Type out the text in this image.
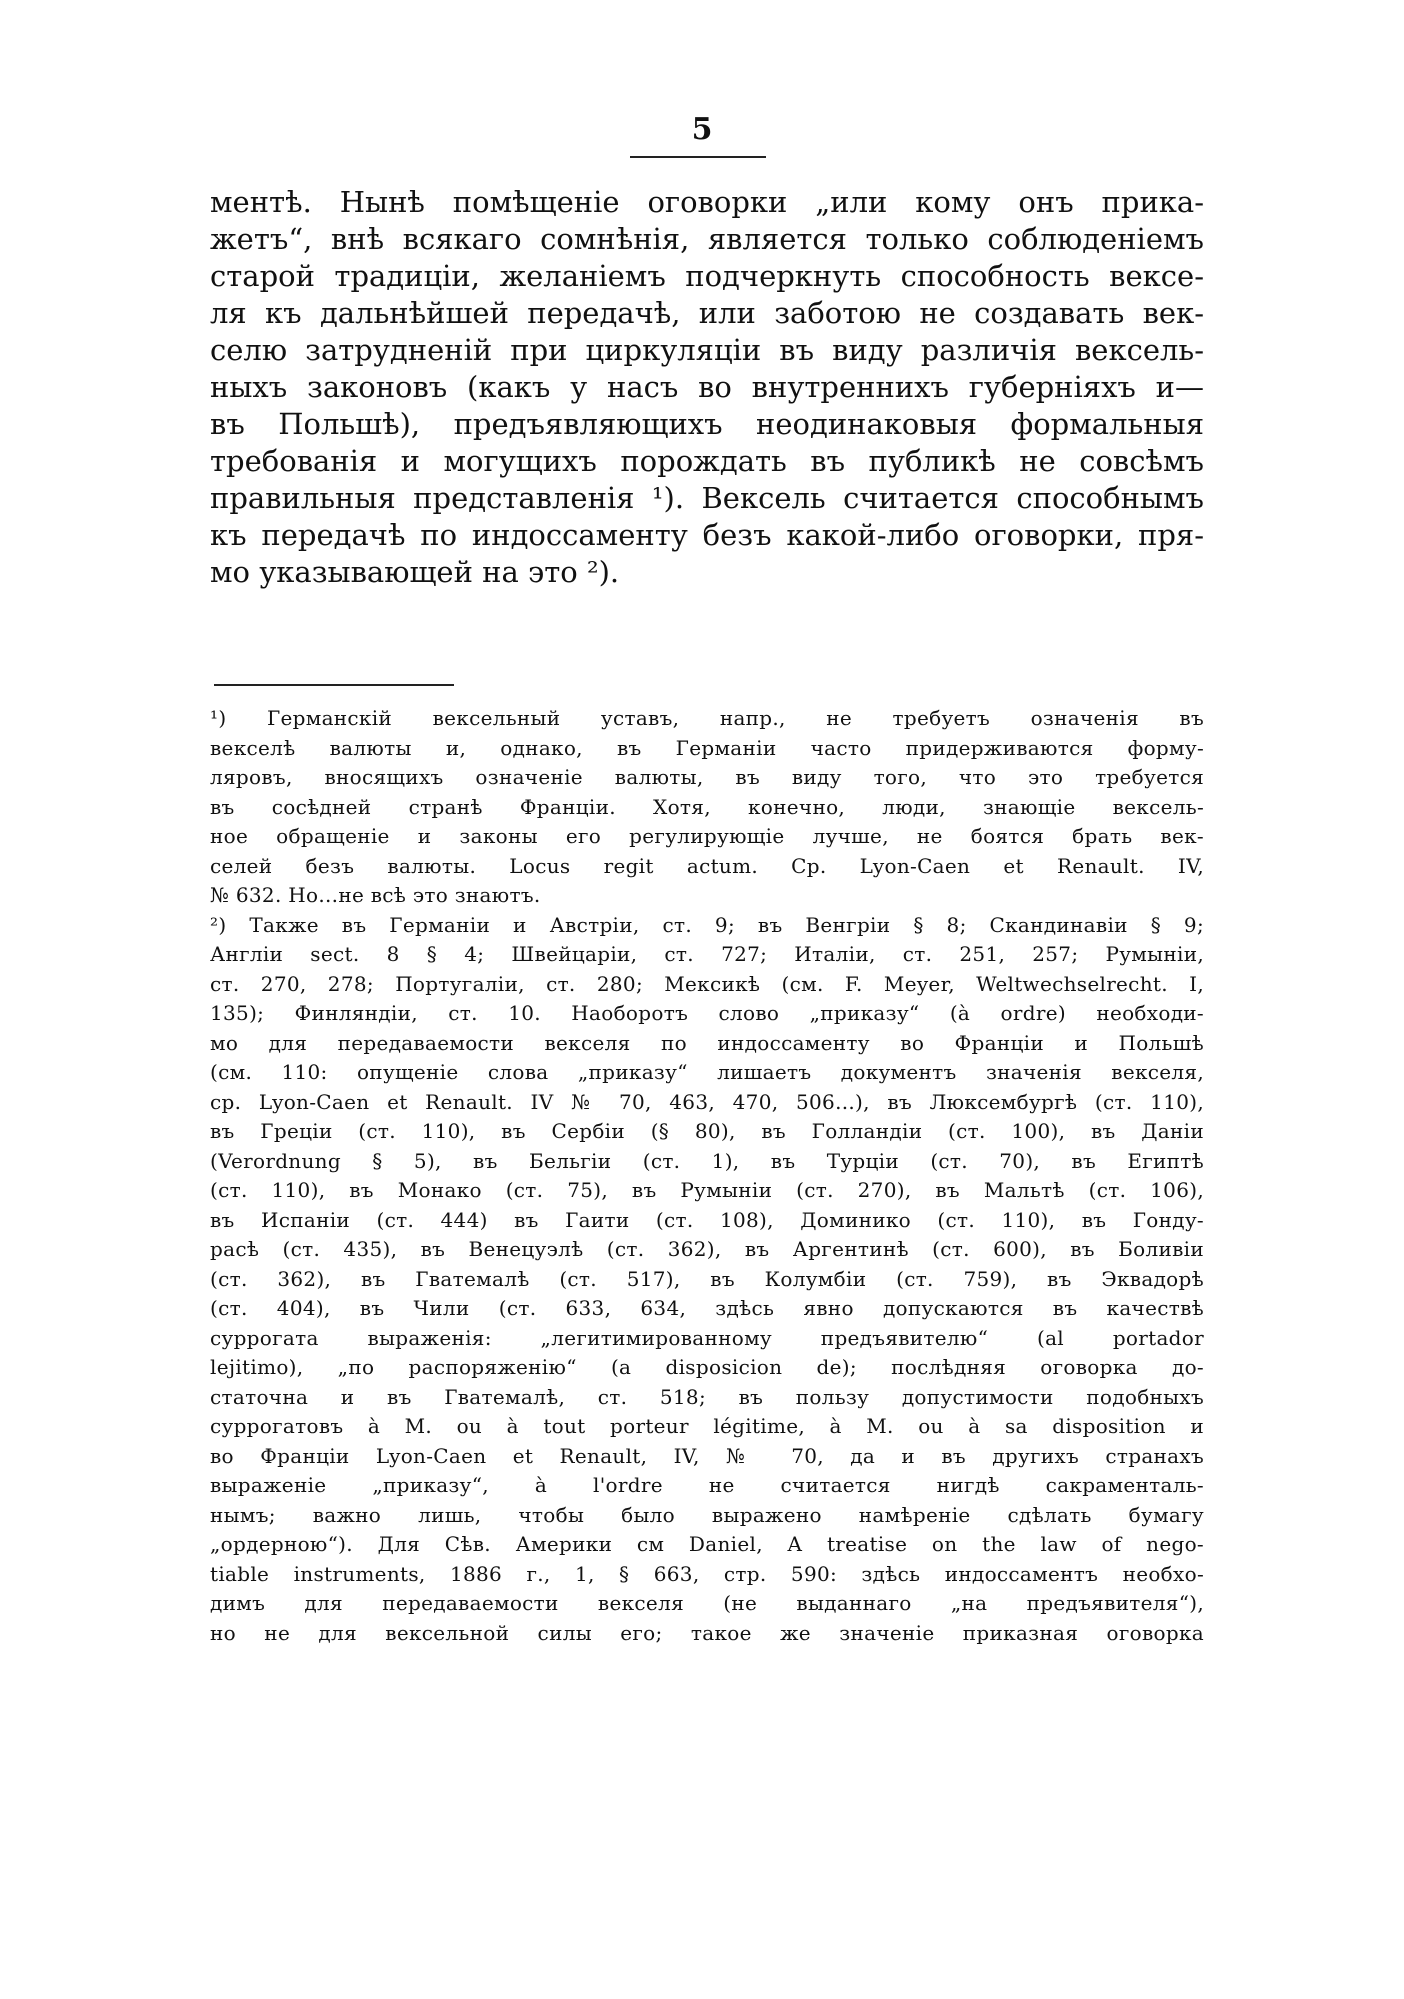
5
ментѣ. Нынѣ помѣщеніе оговорки „или кому онъ прика-
жетъ“, внѣ всякаго сомнѣнія, является только соблюденіемъ
старой традиціи, желаніемъ подчеркнуть способность вексе-
ля къ дальнѣйшей передачѣ, или заботою не создавать век-
селю затрудненій при циркуляціи въ виду различія вексель-
ныхъ законовъ (какъ у насъ во внутреннихъ губерніяхъ и—
въ Польшѣ), предъявляющихъ неодинаковыя формальныя
требованія и могущихъ порождать въ публикѣ не совсѣмъ
правильныя представленія ¹). Вексель считается способнымъ
къ передачѣ по индоссаменту безъ какой-либо оговорки, пря-
мо указывающей на это ²).
¹) Германскій вексельный уставъ, напр., не требуетъ означенія въ
векселѣ валюты и, однако, въ Германіи часто придерживаются форму-
ляровъ, вносящихъ означеніе валюты, въ виду того, что это требуется
въ сосѣдней странѣ Франціи. Хотя, конечно, люди, знающіе вексель-
ное обращеніе и законы его регулирующіе лучше, не боятся брать век-
селей безъ валюты. Locus regit actum. Ср. Lyon-Caen et Renault. IV,
№ 632. Но...не всѣ это знаютъ.
²) Также въ Германіи и Австріи, ст. 9; въ Венгріи § 8; Скандинавіи § 9;
Англіи sect. 8 § 4; Швейцаріи, ст. 727; Италіи, ст. 251, 257; Румыніи,
ст. 270, 278; Португаліи, ст. 280; Мексикѣ (см. F. Meyer, Weltwechselrecht. I,
135); Финляндіи, ст. 10. Наоборотъ слово „приказу“ (à ordre) необходи-
мо для передаваемости векселя по индоссаменту во Франціи и Польшѣ
(см. 110: опущеніе слова „приказу“ лишаетъ документъ значенія векселя,
ср. Lyon-Caen et Renault. IV № 70, 463, 470, 506...), въ Люксембургѣ (ст. 110),
въ Греціи (ст. 110), въ Сербіи (§ 80), въ Голландіи (ст. 100), въ Даніи
(Verordnung § 5), въ Бельгіи (ст. 1), въ Турціи (ст. 70), въ Египтѣ
(ст. 110), въ Монако (ст. 75), въ Румыніи (ст. 270), въ Мальтѣ (ст. 106),
въ Испаніи (ст. 444) въ Гаити (ст. 108), Доминико (ст. 110), въ Гонду-
расѣ (ст. 435), въ Венецуэлѣ (ст. 362), въ Аргентинѣ (ст. 600), въ Боливіи
(ст. 362), въ Гватемалѣ (ст. 517), въ Колумбіи (ст. 759), въ Эквадорѣ
(ст. 404), въ Чили (ст. 633, 634, здѣсь явно допускаются въ качествѣ
суррогата выраженія: „легитимированному предъявителю“ (al portador
lejitimo), „по распоряженію“ (a disposicion de); послѣдняя оговорка до-
статочна и въ Гватемалѣ, ст. 518; въ пользу допустимости подобныхъ
суррогатовъ à M. ou à tout porteur légitime, à M. ou à sa disposition и
во Франціи Lyon-Caen et Renault, IV, № 70, да и въ другихъ странахъ
выраженіе „приказу“, à l'ordre не считается нигдѣ сакраменталь-
нымъ; важно лишь, чтобы было выражено намѣреніе сдѣлать бумагу
„ордерною“). Для Сѣв. Америки см Daniel, A treatise on the law of nego-
tiable instruments, 1886 г., 1, § 663, стр. 590: здѣсь индоссаментъ необхо-
димъ для передаваемости векселя (не выданнаго „на предъявителя“),
но не для вексельной силы его; такое же значеніе приказная оговорка
